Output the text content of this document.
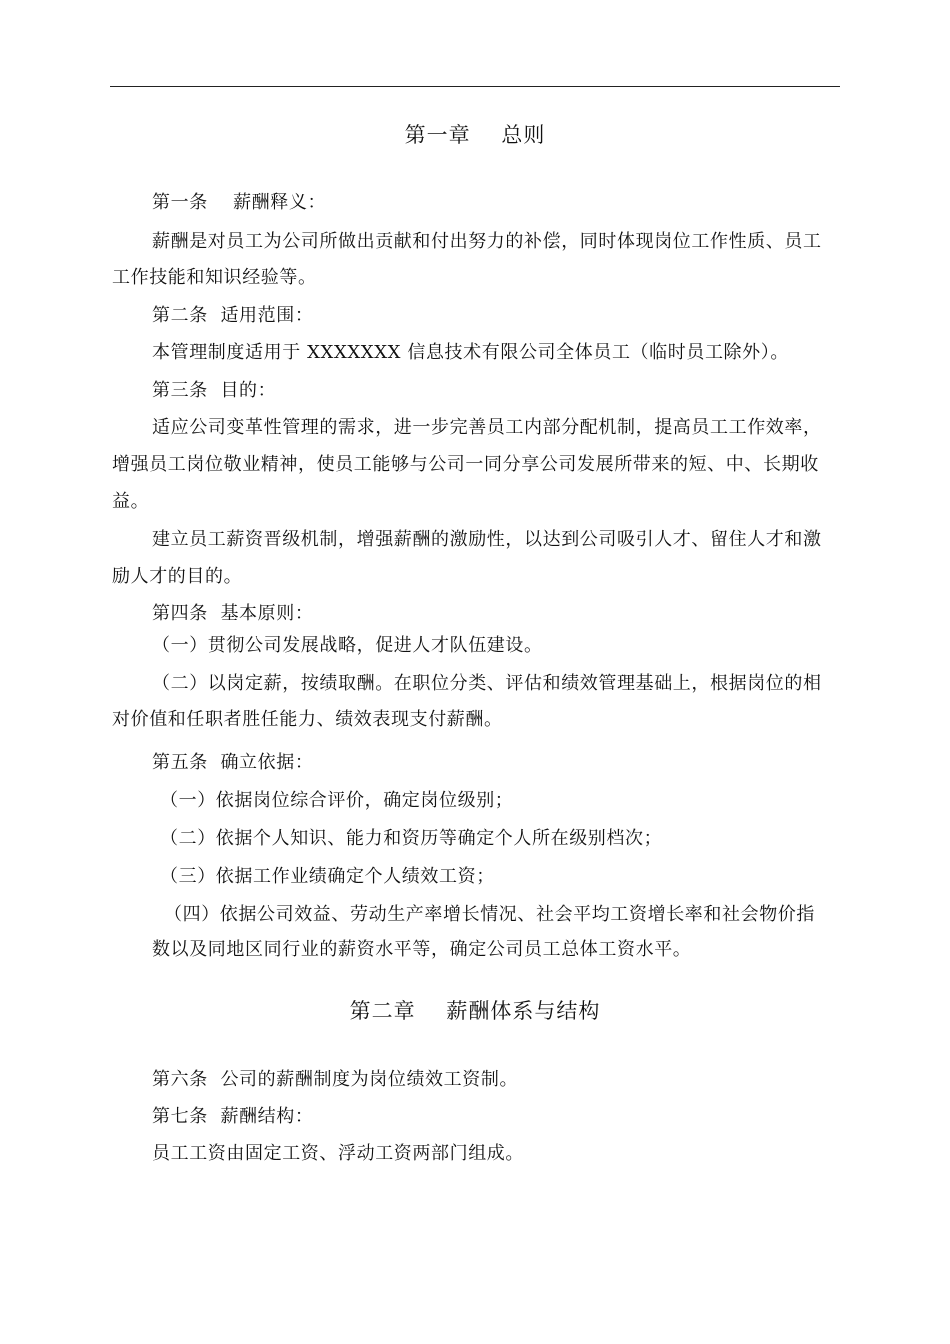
第一章    总则
第一条    薪酬释义：
薪酬是对员工为公司所做出贡献和付出努力的补偿，同时体现岗位工作性质、员工
工作技能和知识经验等。
第二条  适用范围：
本管理制度适用于 XXXXXXX 信息技术有限公司全体员工（临时员工除外）。
第三条  目的：
适应公司变革性管理的需求，进一步完善员工内部分配机制，提高员工工作效率，
增强员工岗位敬业精神，使员工能够与公司一同分享公司发展所带来的短、中、长期收
益。
建立员工薪资晋级机制，增强薪酬的激励性，以达到公司吸引人才、留住人才和激
励人才的目的。
第四条  基本原则：
（一）贯彻公司发展战略，促进人才队伍建设。
（二）以岗定薪，按绩取酬。在职位分类、评估和绩效管理基础上，根据岗位的相
对价值和任职者胜任能力、绩效表现支付薪酬。
第五条  确立依据：
（一）依据岗位综合评价，确定岗位级别；
（二）依据个人知识、能力和资历等确定个人所在级别档次；
（三）依据工作业绩确定个人绩效工资；
（四）依据公司效益、劳动生产率增长情况、社会平均工资增长率和社会物价指
数以及同地区同行业的薪资水平等，确定公司员工总体工资水平。
第二章    薪酬体系与结构
第六条  公司的薪酬制度为岗位绩效工资制。
第七条  薪酬结构：
员工工资由固定工资、浮动工资两部门组成。
